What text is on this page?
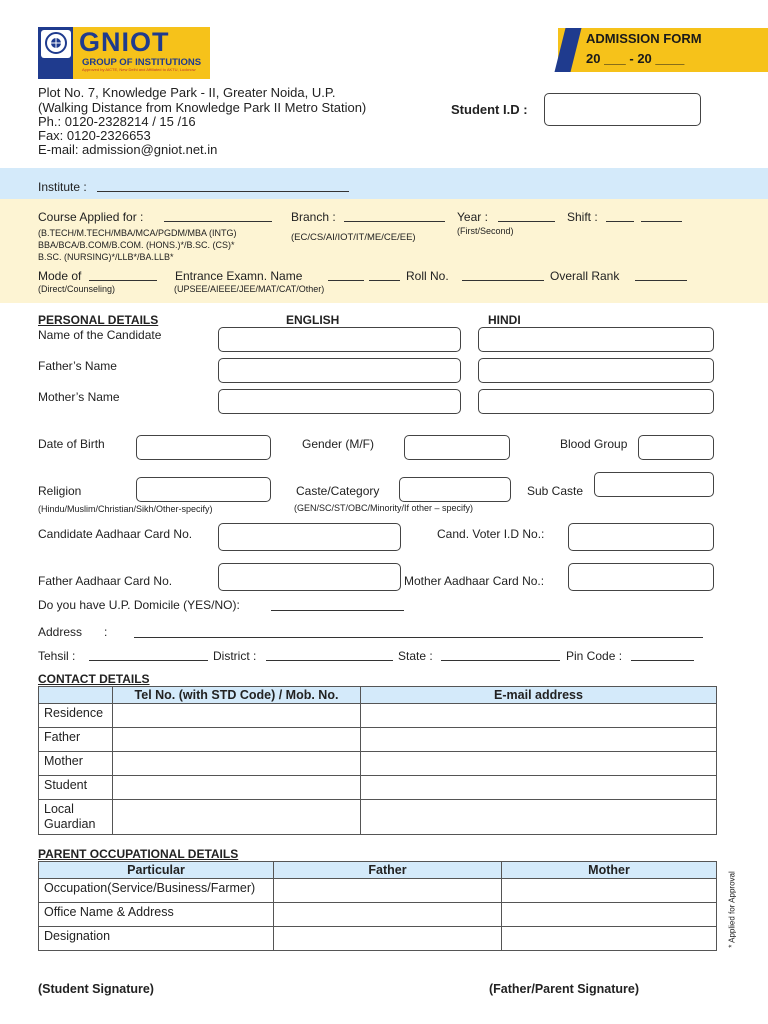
GNIOT
GROUP OF INSTITUTIONS
Approved by AICTE, New Delhi and Affiliated to AKTU, Lucknow
Plot No. 7, Knowledge Park - II, Greater Noida, U.P.
(Walking Distance from Knowledge Park II Metro Station)
Ph.: 0120-2328214 / 15 /16
Fax: 0120-2326653
E-mail: admission@gniot.net.in
ADMISSION FORM
20 ___ - 20 ____
Student I.D :
Institute :
Course Applied for :
(B.TECH/M.TECH/MBA/MCA/PGDM/MBA (INTG)
BBA/BCA/B.COM/B.COM. (HONS.)*/B.SC. (CS)*
B.SC. (NURSING)*/LLB*/BA.LLB*
Branch :
(EC/CS/AI/IOT/IT/ME/CE/EE)
Year :
(First/Second)
Shift :
Mode of
(Direct/Counseling)
Entrance Examn. Name
(UPSEE/AIEEE/JEE/MAT/CAT/Other)
Roll No.	Overall Rank
PERSONAL DETAILS	ENGLISH	HINDI
Name of the Candidate
Father’s Name
Mother’s Name
Date of Birth	Gender (M/F)	Blood Group
Religion
(Hindu/Muslim/Christian/Sikh/Other-specify)
Caste/Category
(GEN/SC/ST/OBC/Minority/If other – specify)
Sub Caste
Candidate Aadhaar Card No.	Cand. Voter I.D No.:
Father Aadhaar Card No.	Mother Aadhaar Card No.:
Do you have U.P. Domicile (YES/NO):
Address :
Tehsil :	District :	State :	Pin Code :
CONTACT DETAILS
	Tel No. (with STD Code) / Mob. No.	E-mail address
Residence		
Father		
Mother		
Student		
Local Guardian		
PARENT OCCUPATIONAL DETAILS
Particular	Father	Mother
Occupation(Service/Business/Farmer)		
Office Name & Address		
Designation			* Applied for Approval
(Student Signature)	(Father/Parent Signature)
